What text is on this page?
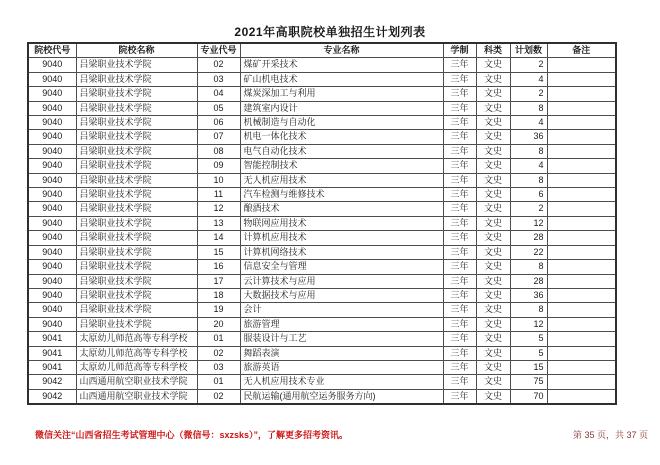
2021年高职院校单独招生计划列表
院校代号	院校名称	专业代号	专业名称	学制	科类	计划数	备注
9040	吕梁职业技术学院	02	煤矿开采技术	三年	文史	2	
9040	吕梁职业技术学院	03	矿山机电技术	三年	文史	4	
9040	吕梁职业技术学院	04	煤炭深加工与利用	三年	文史	2	
9040	吕梁职业技术学院	05	建筑室内设计	三年	文史	8	
9040	吕梁职业技术学院	06	机械制造与自动化	三年	文史	4	
9040	吕梁职业技术学院	07	机电一体化技术	三年	文史	36	
9040	吕梁职业技术学院	08	电气自动化技术	三年	文史	8	
9040	吕梁职业技术学院	09	智能控制技术	三年	文史	4	
9040	吕梁职业技术学院	10	无人机应用技术	三年	文史	8	
9040	吕梁职业技术学院	11	汽车检测与维修技术	三年	文史	6	
9040	吕梁职业技术学院	12	酿酒技术	三年	文史	2	
9040	吕梁职业技术学院	13	物联网应用技术	三年	文史	12	
9040	吕梁职业技术学院	14	计算机应用技术	三年	文史	28	
9040	吕梁职业技术学院	15	计算机网络技术	三年	文史	22	
9040	吕梁职业技术学院	16	信息安全与管理	三年	文史	8	
9040	吕梁职业技术学院	17	云计算技术与应用	三年	文史	28	
9040	吕梁职业技术学院	18	大数据技术与应用	三年	文史	36	
9040	吕梁职业技术学院	19	会计	三年	文史	8	
9040	吕梁职业技术学院	20	旅游管理	三年	文史	12	
9041	太原幼儿师范高等专科学校	01	服装设计与工艺	三年	文史	5	
9041	太原幼儿师范高等专科学校	02	舞蹈表演	三年	文史	5	
9041	太原幼儿师范高等专科学校	03	旅游英语	三年	文史	15	
9042	山西通用航空职业技术学院	01	无人机应用技术专业	三年	文史	75	
9042	山西通用航空职业技术学院	02	民航运输(通用航空运务服务方向)	三年	文史	70	
微信关注“山西省招生考试管理中心（微信号：sxzsks）”，了解更多招考资讯。	第 35 页，共 37 页
